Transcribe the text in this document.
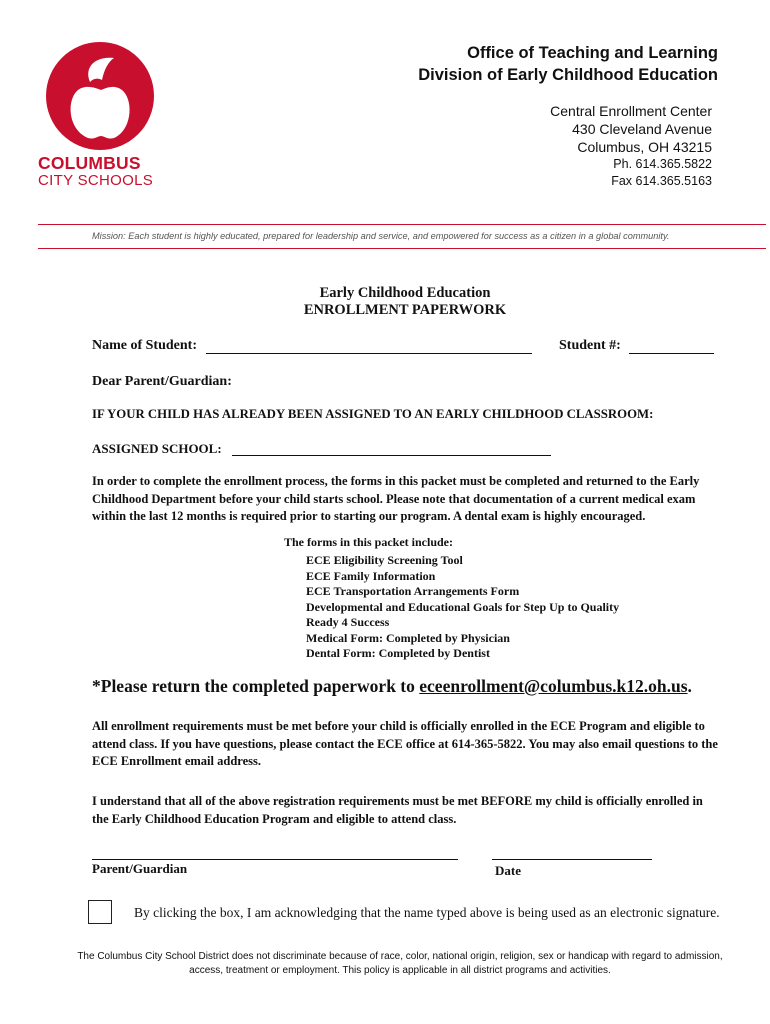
COLUMBUS
CITY SCHOOLS
Office of Teaching and Learning
Division of Early Childhood Education
Central Enrollment Center
430 Cleveland Avenue
Columbus, OH 43215
Ph. 614.365.5822
Fax 614.365.5163
Mission: Each student is highly educated, prepared for leadership and service, and empowered for success as a citizen in a global community.
Early Childhood Education
ENROLLMENT PAPERWORK
Name of Student:	Student #:
Dear Parent/Guardian:
IF YOUR CHILD HAS ALREADY BEEN ASSIGNED TO AN EARLY CHILDHOOD CLASSROOM:
ASSIGNED SCHOOL:
In order to complete the enrollment process, the forms in this packet must be completed and returned to the Early Childhood Department before your child starts school. Please note that documentation of a current medical exam within the last 12 months is required prior to starting our program. A dental exam is highly encouraged.
The forms in this packet include:
ECE Eligibility Screening Tool
ECE Family Information
ECE Transportation Arrangements Form
Developmental and Educational Goals for Step Up to Quality
Ready 4 Success
Medical Form: Completed by Physician
Dental Form: Completed by Dentist
*Please return the completed paperwork to eceenrollment@columbus.k12.oh.us.
All enrollment requirements must be met before your child is officially enrolled in the ECE Program and eligible to attend class. If you have questions, please contact the ECE office at 614-365-5822. You may also email questions to the ECE Enrollment email address.
I understand that all of the above registration requirements must be met BEFORE my child is officially enrolled in the Early Childhood Education Program and eligible to attend class.
Parent/Guardian	Date
By clicking the box, I am acknowledging that the name typed above is being used as an electronic signature.
The Columbus City School District does not discriminate because of race, color, national origin, religion, sex or handicap with regard to admission, access, treatment or employment. This policy is applicable in all district programs and activities.
